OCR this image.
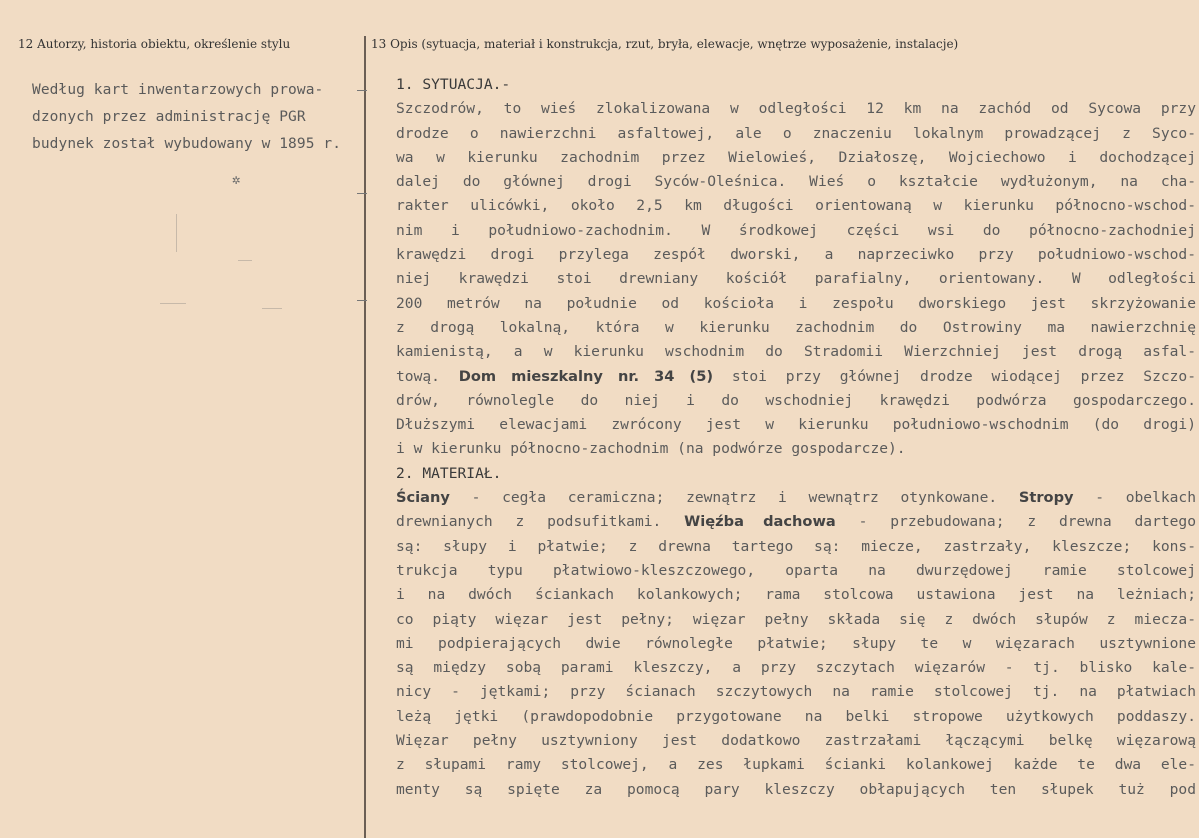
12 Autorzy, historia obiektu, określenie stylu	13 Opis (sytuacja, materiał i konstrukcja, rzut, bryła, elewacje, wnętrze wyposażenie, instalacje)
Według kart inwentarzowych prowa-
dzonych przez administrację PGR
budynek został wybudowany w 1895 r.
✲
1. SYTUACJA.-
Szczodrów, to wieś zlokalizowana w odległości 12 km na zachód od Sycowa przy
drodze o nawierzchni asfaltowej, ale o znaczeniu lokalnym prowadzącej z Syco-
wa w kierunku zachodnim przez Wielowieś, Działoszę, Wojciechowo i dochodzącej
dalej do głównej drogi Syców-Oleśnica. Wieś o kształcie wydłużonym, na cha-
rakter ulicówki, około 2,5 km długości orientowaną w kierunku północno-wschod-
nim i południowo-zachodnim. W środkowej części wsi do północno-zachodniej
krawędzi drogi przylega zespół dworski, a naprzeciwko przy południowo-wschod-
niej krawędzi stoi drewniany kościół parafialny, orientowany. W odległości
200 metrów na południe od kościoła i zespołu dworskiego jest skrzyżowanie
z drogą lokalną, która w kierunku zachodnim do Ostrowiny ma nawierzchnię
kamienistą, a w kierunku wschodnim do Stradomii Wierzchniej jest drogą asfal-
tową. Dom mieszkalny nr. 34 (5) stoi przy głównej drodze wiodącej przez Szczo-
drów, równolegle do niej i do wschodniej krawędzi podwórza gospodarczego.
Dłuższymi elewacjami zwrócony jest w kierunku południowo-wschodnim (do drogi)
i w kierunku północno-zachodnim (na podwórze gospodarcze).
2. MATERIAŁ.
Ściany - cegła ceramiczna; zewnątrz i wewnątrz otynkowane. Stropy - obelkach
drewnianych z podsufitkami. Więźba dachowa - przebudowana; z drewna dartego
są: słupy i płatwie; z drewna tartego są: miecze, zastrzały, kleszcze; kons-
trukcja typu płatwiowo-kleszczowego, oparta na dwurzędowej ramie stolcowej
i na dwóch ściankach kolankowych; rama stolcowa ustawiona jest na leżniach;
co piąty więzar jest pełny; więzar pełny składa się z dwóch słupów z miecza-
mi podpierających dwie równoległe płatwie; słupy te w więzarach usztywnione
są między sobą parami kleszczy, a przy szczytach więzarów - tj. blisko kale-
nicy - jętkami; przy ścianach szczytowych na ramie stolcowej tj. na płatwiach
leżą jętki (prawdopodobnie przygotowane na belki stropowe użytkowych poddaszy.
Więzar pełny usztywniony jest dodatkowo zastrzałami łączącymi belkę więzarową
z słupami ramy stolcowej, a zes łupkami ścianki kolankowej każde te dwa ele-
menty są spięte za pomocą pary kleszczy obłapujących ten słupek tuż pod
